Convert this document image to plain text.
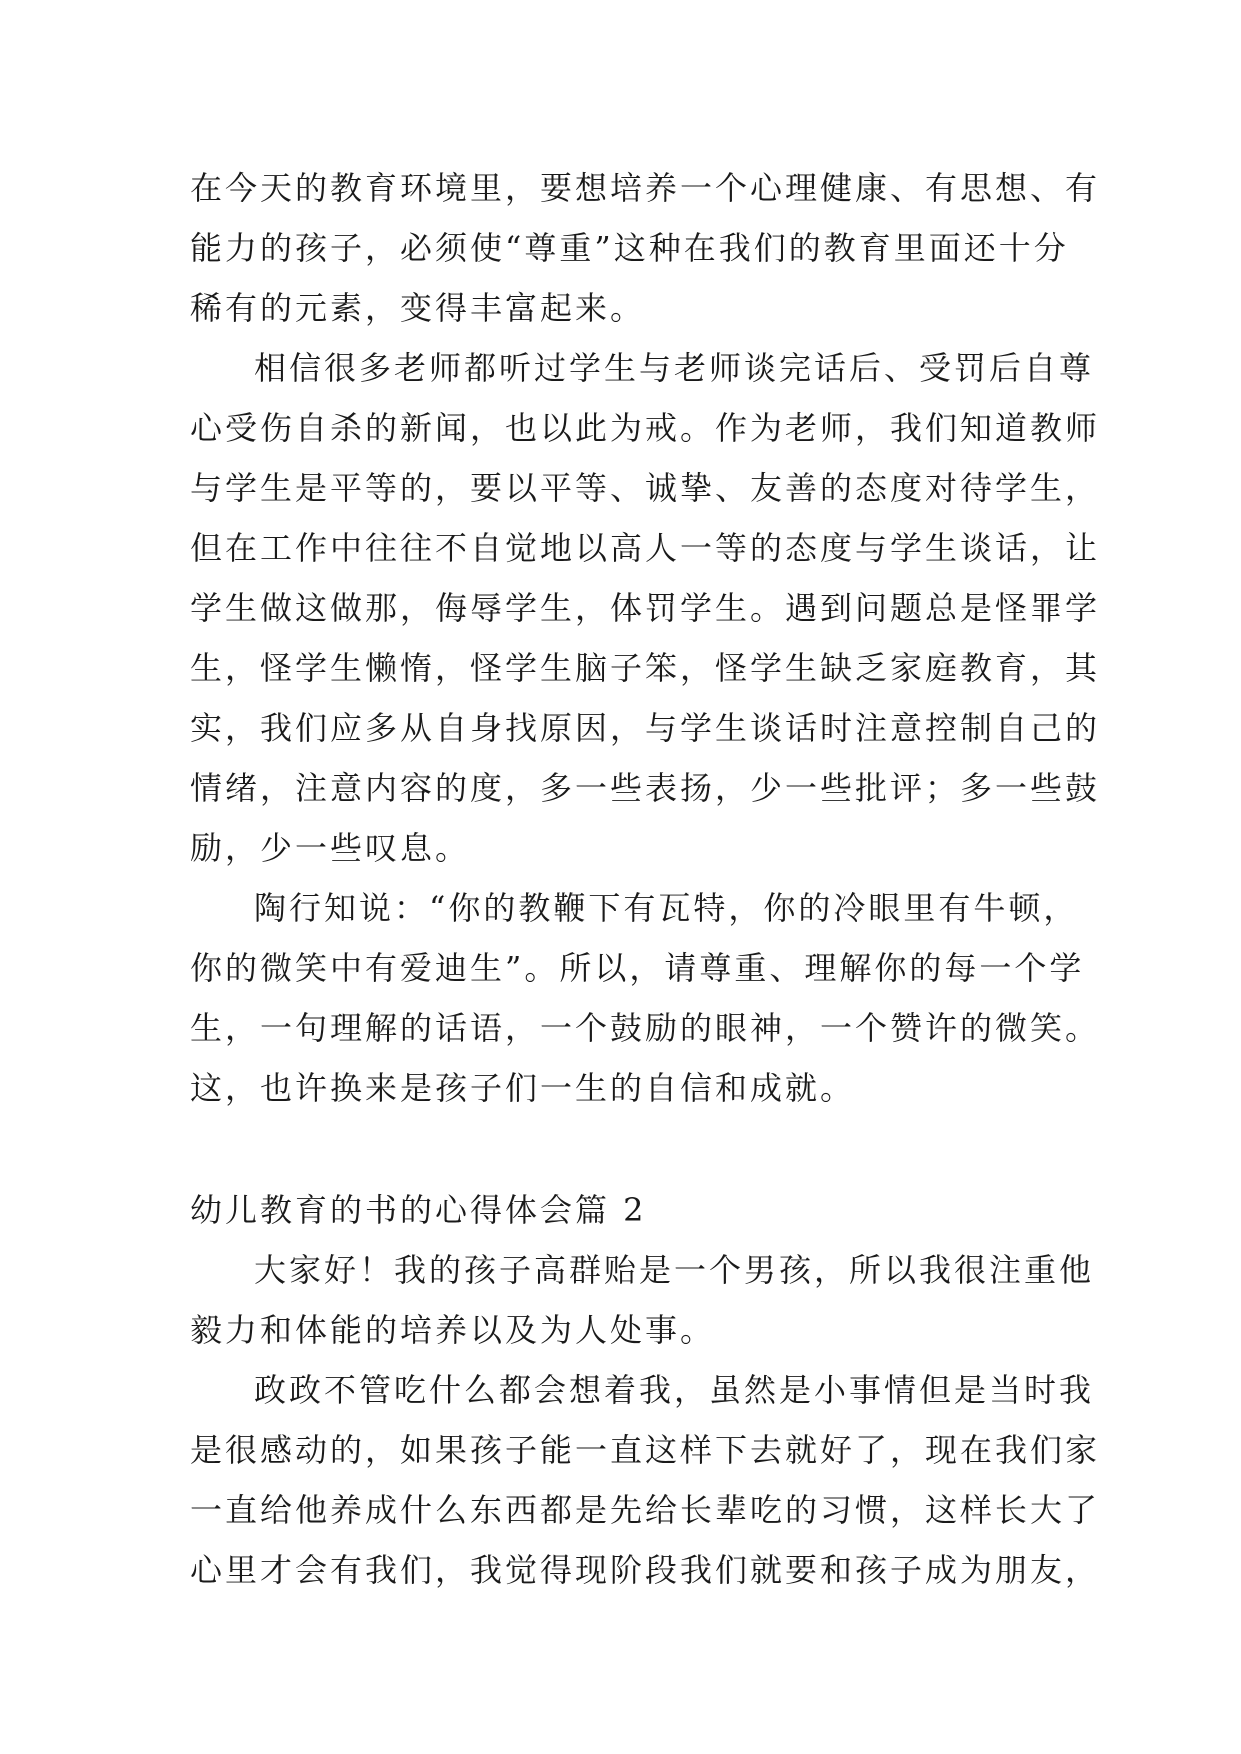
在今天的教育环境里，要想培养一个心理健康、有思想、有
能力的孩子，必须使“尊重”这种在我们的教育里面还十分
稀有的元素，变得丰富起来。
相信很多老师都听过学生与老师谈完话后、受罚后自尊
心受伤自杀的新闻，也以此为戒。作为老师，我们知道教师
与学生是平等的，要以平等、诚挚、友善的态度对待学生，
但在工作中往往不自觉地以高人一等的态度与学生谈话，让
学生做这做那，侮辱学生，体罚学生。遇到问题总是怪罪学
生，怪学生懒惰，怪学生脑子笨，怪学生缺乏家庭教育，其
实，我们应多从自身找原因，与学生谈话时注意控制自己的
情绪，注意内容的度，多一些表扬，少一些批评；多一些鼓
励，少一些叹息。
陶行知说：“你的教鞭下有瓦特，你的冷眼里有牛顿，
你的微笑中有爱迪生”。所以，请尊重、理解你的每一个学
生，一句理解的话语，一个鼓励的眼神，一个赞许的微笑。
这，也许换来是孩子们一生的自信和成就。
幼儿教育的书的心得体会篇 2
大家好！我的孩子高群贻是一个男孩，所以我很注重他
毅力和体能的培养以及为人处事。
政政不管吃什么都会想着我，虽然是小事情但是当时我
是很感动的，如果孩子能一直这样下去就好了，现在我们家
一直给他养成什么东西都是先给长辈吃的习惯，这样长大了
心里才会有我们，我觉得现阶段我们就要和孩子成为朋友，
